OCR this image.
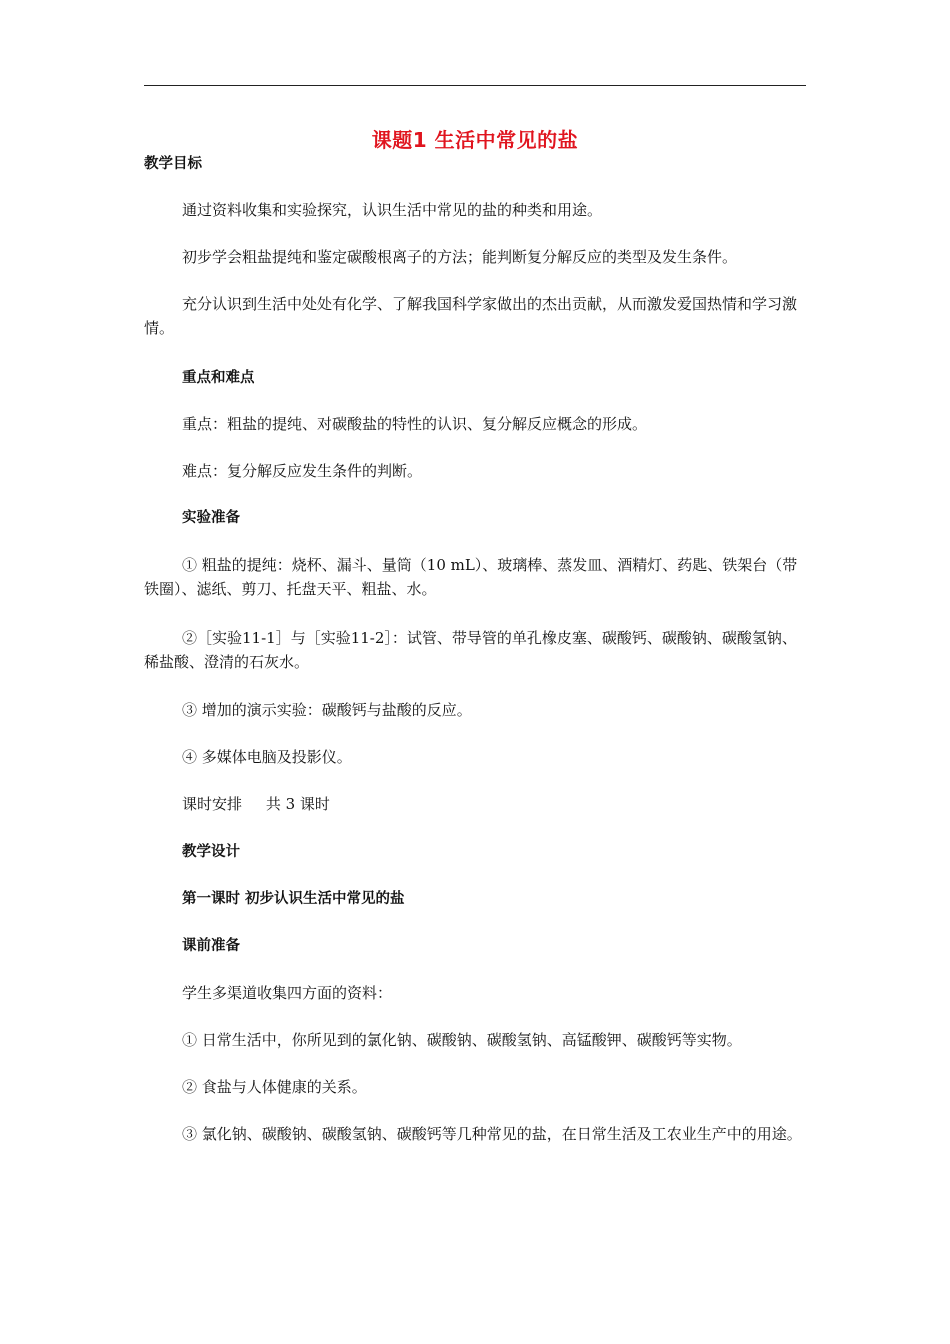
课题1 生活中常见的盐
教学目标
通过资料收集和实验探究，认识生活中常见的盐的种类和用途。
初步学会粗盐提纯和鉴定碳酸根离子的方法；能判断复分解反应的类型及发生条件。
充分认识到生活中处处有化学、了解我国科学家做出的杰出贡献，从而激发爱国热情和学习激情。
重点和难点
重点：粗盐的提纯、对碳酸盐的特性的认识、复分解反应概念的形成。
难点：复分解反应发生条件的判断。
实验准备
① 粗盐的提纯：烧杯、漏斗、量筒（10 mL）、玻璃棒、蒸发皿、酒精灯、药匙、铁架台（带铁圈）、滤纸、剪刀、托盘天平、粗盐、水。
②［实验11-1］与［实验11-2］：试管、带导管的单孔橡皮塞、碳酸钙、碳酸钠、碳酸氢钠、稀盐酸、澄清的石灰水。
③ 增加的演示实验：碳酸钙与盐酸的反应。
④ 多媒体电脑及投影仪。
课时安排     共 3 课时
教学设计
第一课时 初步认识生活中常见的盐
课前准备
学生多渠道收集四方面的资料：
① 日常生活中，你所见到的氯化钠、碳酸钠、碳酸氢钠、高锰酸钾、碳酸钙等实物。
② 食盐与人体健康的关系。
③ 氯化钠、碳酸钠、碳酸氢钠、碳酸钙等几种常见的盐，在日常生活及工农业生产中的用途。
